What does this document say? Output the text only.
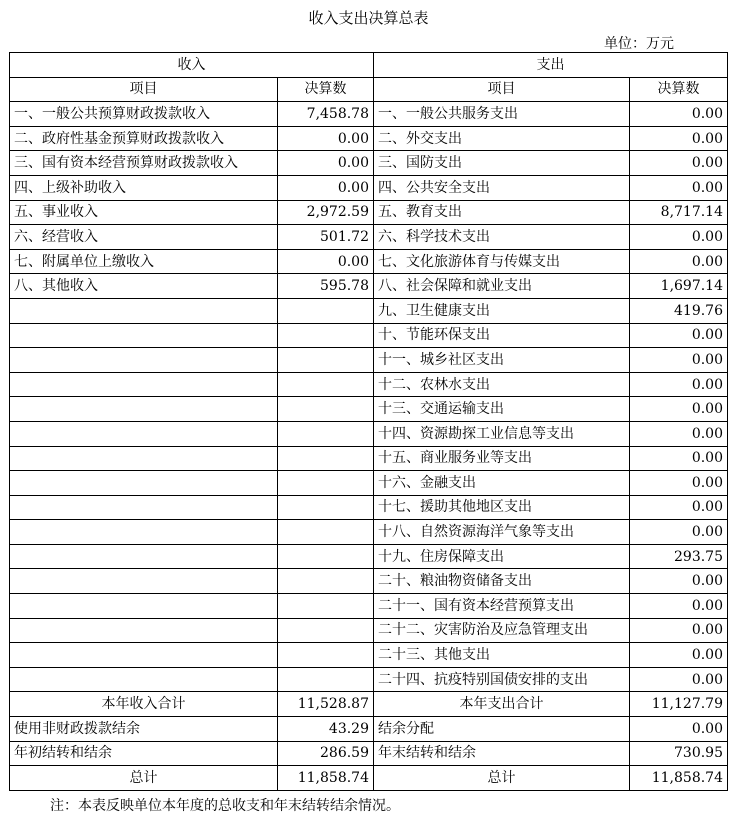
收入支出决算总表
单位：万元
收入		支出	
项目	决算数	项目	决算数
一、一般公共预算财政拨款收入	7,458.78	一、一般公共服务支出	0.00
二、政府性基金预算财政拨款收入	0.00	二、外交支出	0.00
三、国有资本经营预算财政拨款收入	0.00	三、国防支出	0.00
四、上级补助收入	0.00	四、公共安全支出	0.00
五、事业收入	2,972.59	五、教育支出	8,717.14
六、经营收入	501.72	六、科学技术支出	0.00
七、附属单位上缴收入	0.00	七、文化旅游体育与传媒支出	0.00
八、其他收入	595.78	八、社会保障和就业支出	1,697.14
		九、卫生健康支出	419.76
		十、节能环保支出	0.00
		十一、城乡社区支出	0.00
		十二、农林水支出	0.00
		十三、交通运输支出	0.00
		十四、资源勘探工业信息等支出	0.00
		十五、商业服务业等支出	0.00
		十六、金融支出	0.00
		十七、援助其他地区支出	0.00
		十八、自然资源海洋气象等支出	0.00
		十九、住房保障支出	293.75
		二十、粮油物资储备支出	0.00
		二十一、国有资本经营预算支出	0.00
		二十二、灾害防治及应急管理支出	0.00
		二十三、其他支出	0.00
		二十四、抗疫特别国债安排的支出	0.00
本年收入合计	11,528.87	本年支出合计	11,127.79
使用非财政拨款结余	43.29	结余分配	0.00
年初结转和结余	286.59	年末结转和结余	730.95
总计	11,858.74	总计	11,858.74
注：本表反映单位本年度的总收支和年末结转结余情况。
